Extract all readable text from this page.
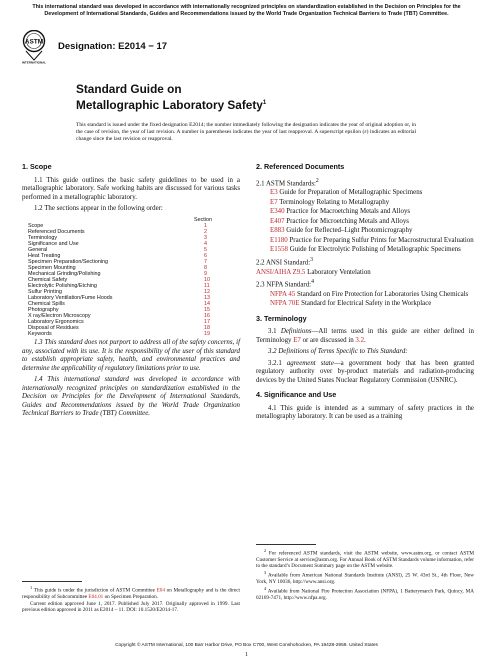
This international standard was developed in accordance with internationally recognized principles on standardization established in the Decision on Principles for the Development of International Standards, Guides and Recommendations issued by the World Trade Organization Technical Barriers to Trade (TBT) Committee.
ASTM
INTERNATIONAL
Designation: E2014 − 17
Standard Guide on
Metallographic Laboratory Safety$^1$
This standard is issued under the fixed designation E2014; the number immediately following the designation indicates the year of original adoption or, in the case of revision, the year of last revision. A number in parentheses indicates the year of last reapproval. A superscript epsilon (ε) indicates an editorial change since the last revision or reapproval.
1. Scope

1.1 This guide outlines the basic safety guidelines to be used in a metallographic laboratory. Safe working habits are discussed for various tasks performed in a metallographic laboratory.

1.2 The sections appear in the following order:

Section
Scope	1
Referenced Documents	2
Terminology	3
Significance and Use	4
General	5
Heat Treating	6
Specimen Preparation/Sectioning	7
Specimen Mounting	8
Mechanical Grinding/Polishing	9
Chemical Safety	10
Electrolytic Polishing/Etching	11
Sulfur Printing	12
Laboratory Ventilation/Fume Hoods	13
Chemical Spills	14
Photography	15
X ray/Electron Microscopy	16
Laboratory Ergonomics	17
Disposal of Residues	18
Keywords	19

1.3 This standard does not purport to address all of the safety concerns, if any, associated with its use. It is the responsibility of the user of this standard to establish appropriate safety, health, and environmental practices and determine the applicability of regulatory limitations prior to use.

1.4 This international standard was developed in accordance with internationally recognized principles on standardization established in the Decision on Principles for the Development of International Standards, Guides and Recommendations issued by the World Trade Organization Technical Barriers to Trade (TBT) Committee.

$^1$ This guide is under the jurisdiction of ASTM Committee E04 on Metallography and is the direct responsibility of Subcommittee E04.01 on Specimen Preparation.

Current edition approved June 1, 2017. Published July 2017. Originally approved in 1999. Last previous edition approved in 2011 as E2014 – 11. DOI: 10.1520/E2014-17.

2. Referenced Documents

2.1 ASTM Standards:$^2$

E3 Guide for Preparation of Metallographic Specimens

E7 Terminology Relating to Metallography

E340 Practice for Macroetching Metals and Alloys

E407 Practice for Microetching Metals and Alloys

E883 Guide for Reflected–Light Photomicrography

E1180 Practice for Preparing Sulfur Prints for Macrostructural Evaluation

E1558 Guide for Electrolytic Polishing of Metallographic Specimens

2.2 ANSI Standard:$^3$

ANSI/AIHA Z9.5 Laboratory Ventelation

2.3 NFPA Standard:$^4$

NFPA 45 Standard on Fire Protection for Laboratories Using Chemicals

NFPA 70E Standard for Electrical Safety in the Workplace

3. Terminology

3.1 Definitions—All terms used in this guide are either defined in Terminology E7 or are discussed in 3.2.

3.2 Definitions of Terms Specific to This Standard:

3.2.1 agreement state—a government body that has been granted regulatory authority over by-product materials and radiation-producing devices by the United States Nuclear Regulatory Commission (USNRC).

4. Significance and Use

4.1 This guide is intended as a summary of safety practices in the metallography laboratory. It can be used as a training

$^2$ For referenced ASTM standards, visit the ASTM website, www.astm.org, or contact ASTM Customer Service at service@astm.org. For Annual Book of ASTM Standards volume information, refer to the standard’s Document Summary page on the ASTM website.

$^3$ Available from American National Standards Institute (ANSI), 25 W. 43rd St., 4th Floor, New York, NY 10036, http://www.ansi.org.

$^4$ Available from National Fire Protection Association (NFPA), 1 Batterymarch Park, Quincy, MA 02169-7471, http://www.nfpa.org.

Copyright © ASTM International, 100 Barr Harbor Drive, PO Box C700, West Conshohocken, PA 19428-2959. United States
1
